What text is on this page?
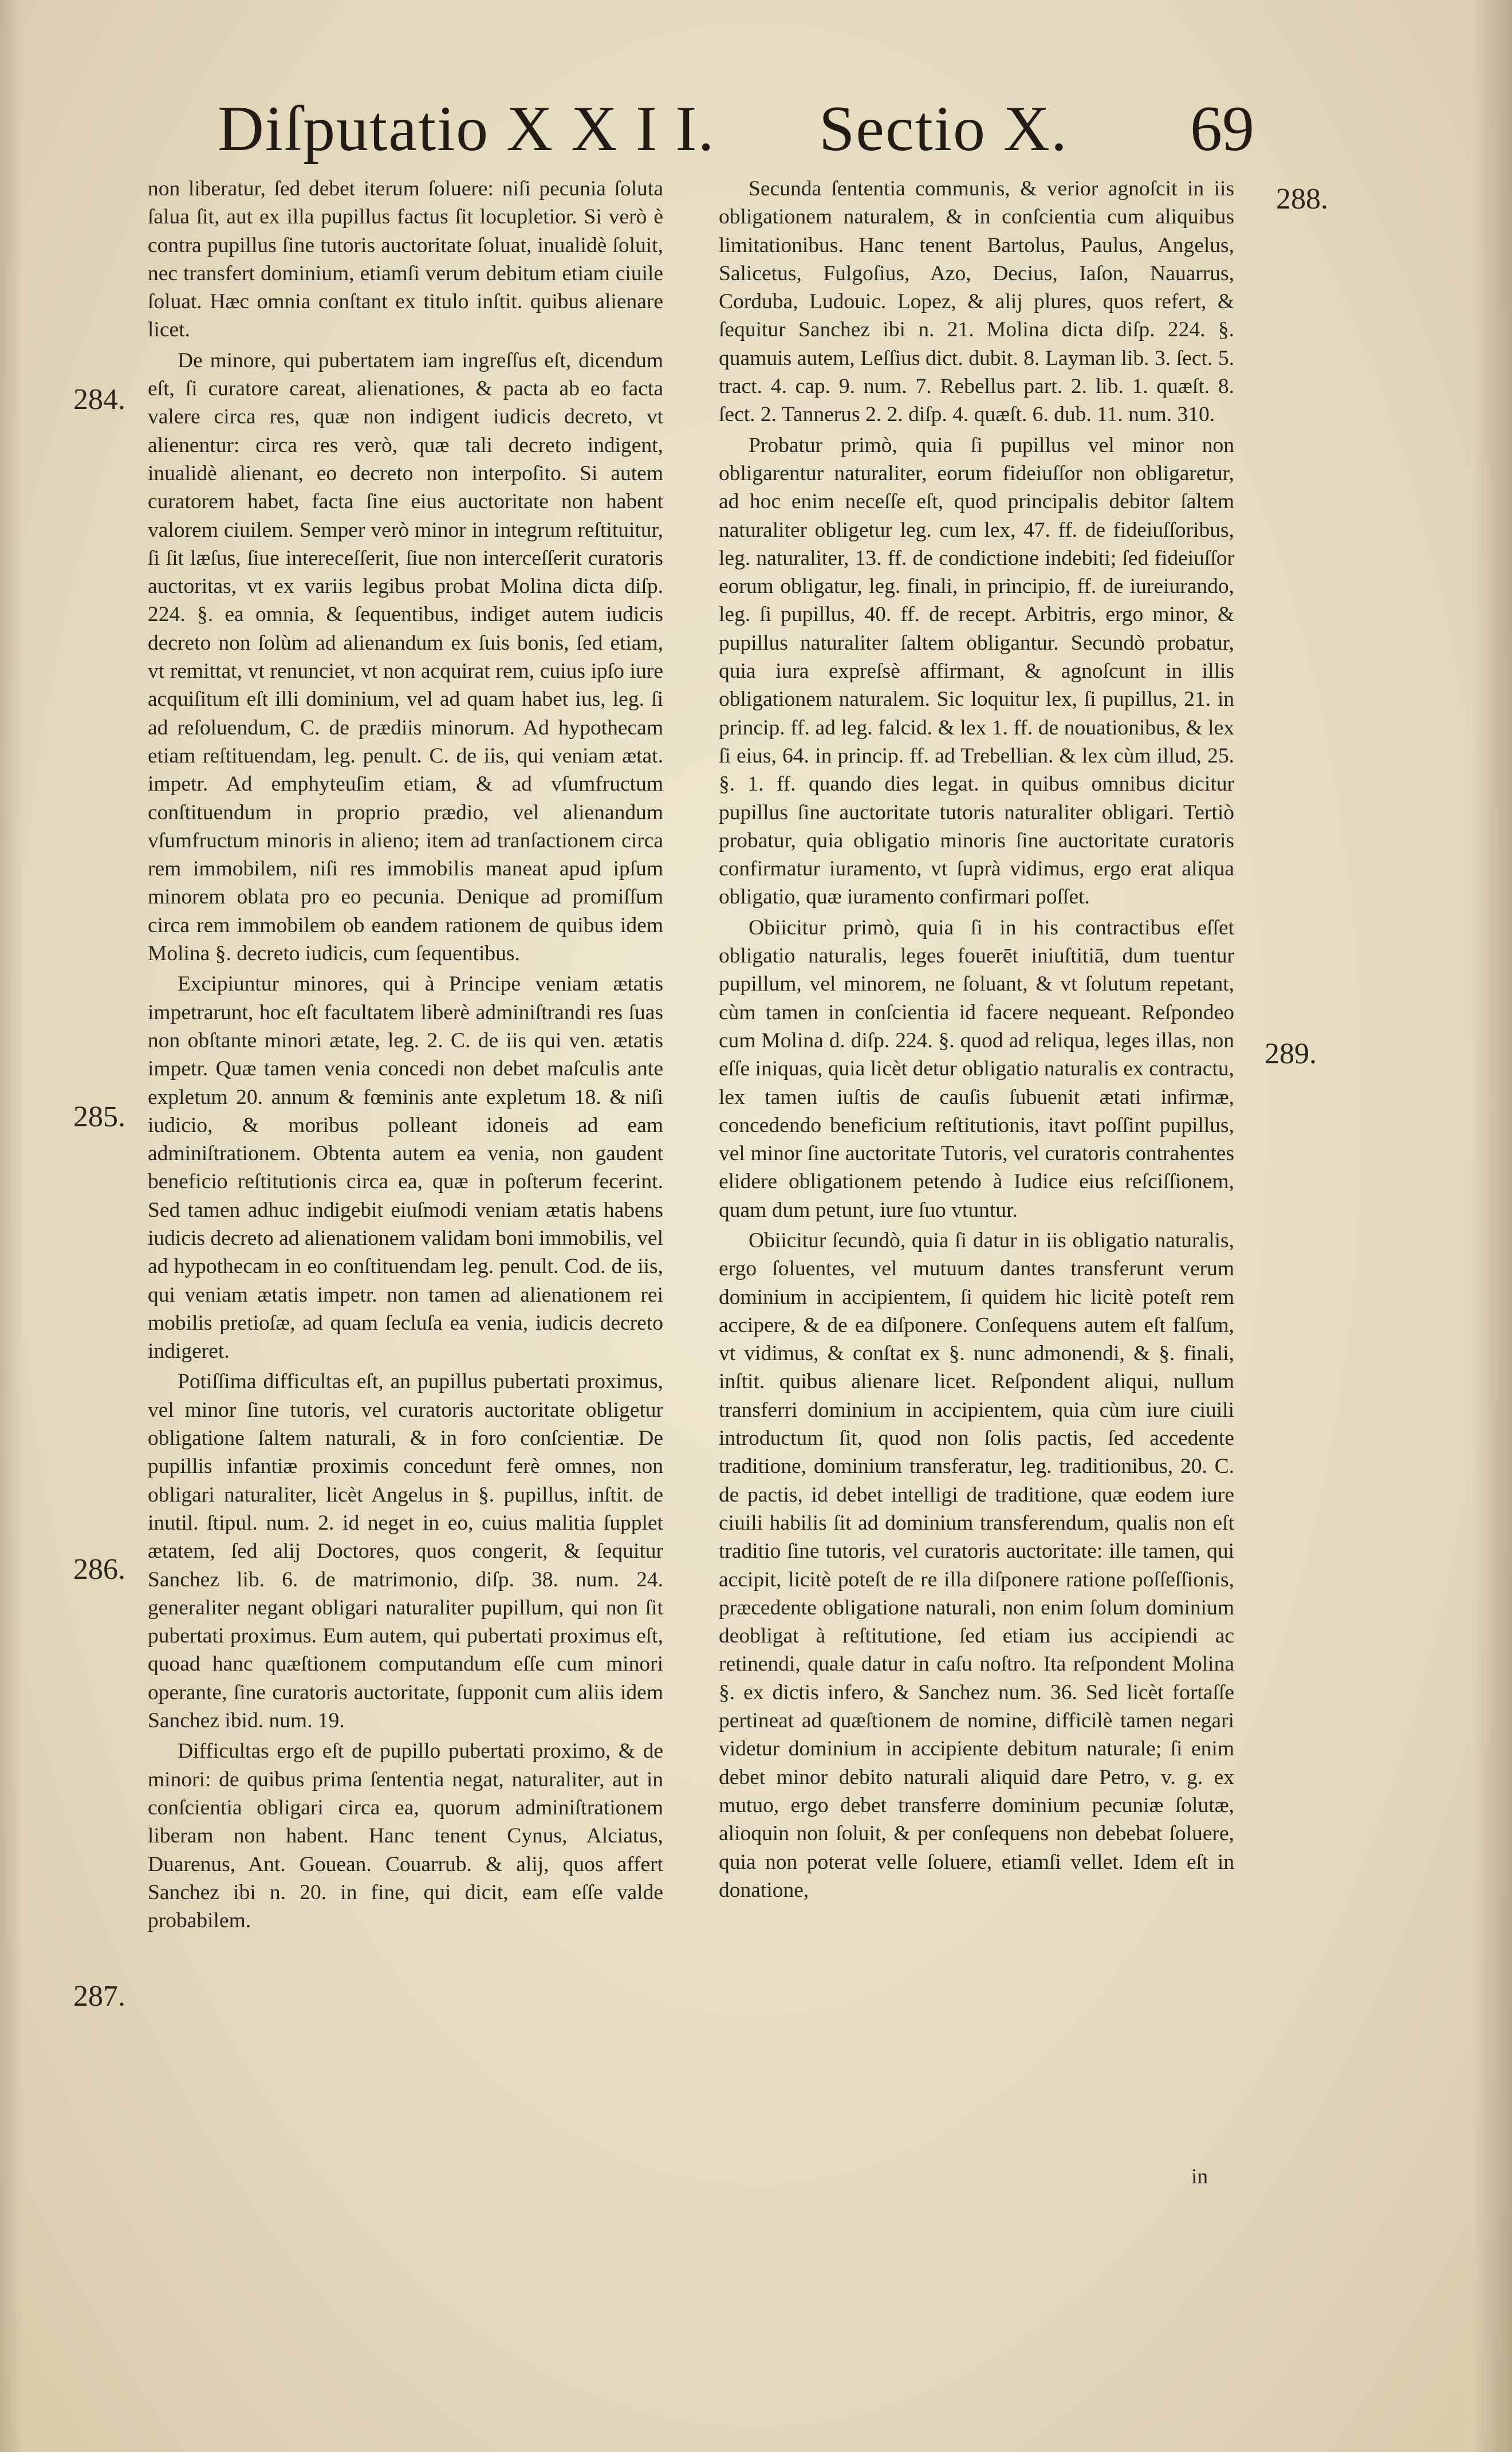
Diſputatio X X I I. Sectio X. 69
284.
285.
286.
287.
288.
289.

non liberatur, ſed debet iterum ſoluere: niſi pecunia ſoluta ſalua ſit, aut ex illa pupillus factus ſit locupletior. Si verò è contra pupillus ſine tutoris auctoritate ſoluat, inualidè ſoluit, nec transfert dominium, etiamſi verum debitum etiam ciuile ſoluat. Hæc omnia conſtant ex titulo inſtit. quibus alienare licet.

De minore, qui pubertatem iam ingreſſus eſt, dicendum eſt, ſi curatore careat, alienationes, & pacta ab eo facta valere circa res, quæ non indigent iudicis decreto, vt alienentur: circa res verò, quæ tali decreto indigent, inualidè alienant, eo decreto non interpoſito. Si autem curatorem habet, facta ſine eius auctoritate non habent valorem ciuilem. Semper verò minor in integrum reſtituitur, ſi ſit læſus, ſiue intereceſſerit, ſiue non interceſſerit curatoris auctoritas, vt ex variis legibus probat Molina dicta diſp. 224. §. ea omnia, & ſequentibus, indiget autem iudicis decreto non ſolùm ad alienandum ex ſuis bonis, ſed etiam, vt remittat, vt renunciet, vt non acquirat rem, cuius ipſo iure acquiſitum eſt illi dominium, vel ad quam habet ius, leg. ſi ad reſoluendum, C. de prædiis minorum. Ad hypothecam etiam reſtituendam, leg. penult. C. de iis, qui veniam ætat. impetr. Ad emphyteuſim etiam, & ad vſumfructum conſtituendum in proprio prædio, vel alienandum vſumfructum minoris in alieno; item ad tranſactionem circa rem immobilem, niſi res immobilis maneat apud ipſum minorem oblata pro eo pecunia. Denique ad promiſſum circa rem immobilem ob eandem rationem de quibus idem Molina §. decreto iudicis, cum ſequentibus.

Excipiuntur minores, qui à Principe veniam ætatis impetrarunt, hoc eſt facultatem liberè adminiſtrandi res ſuas non obſtante minori ætate, leg. 2. C. de iis qui ven. ætatis impetr. Quæ tamen venia concedi non debet maſculis ante expletum 20. annum & fœminis ante expletum 18. & niſi iudicio, & moribus polleant idoneis ad eam adminiſtrationem. Obtenta autem ea venia, non gaudent beneficio reſtitutionis circa ea, quæ in poſterum fecerint. Sed tamen adhuc indigebit eiuſmodi veniam ætatis habens iudicis decreto ad alienationem validam boni immobilis, vel ad hypothecam in eo conſtituendam leg. penult. Cod. de iis, qui veniam ætatis impetr. non tamen ad alienationem rei mobilis pretioſæ, ad quam ſecluſa ea venia, iudicis decreto indigeret.

Potiſſima difficultas eſt, an pupillus pubertati proximus, vel minor ſine tutoris, vel curatoris auctoritate obligetur obligatione ſaltem naturali, & in foro conſcientiæ. De pupillis infantiæ proximis concedunt ferè omnes, non obligari naturaliter, licèt Angelus in §. pupillus, inſtit. de inutil. ſtipul. num. 2. id neget in eo, cuius malitia ſupplet ætatem, ſed alij Doctores, quos congerit, & ſequitur Sanchez lib. 6. de matrimonio, diſp. 38. num. 24. generaliter negant obligari naturaliter pupillum, qui non ſit pubertati proximus. Eum autem, qui pubertati proximus eſt, quoad hanc quæſtionem computandum eſſe cum minori operante, ſine curatoris auctoritate, ſupponit cum aliis idem Sanchez ibid. num. 19.

Difficultas ergo eſt de pupillo pubertati proximo, & de minori: de quibus prima ſententia negat, naturaliter, aut in conſcientia obligari circa ea, quorum adminiſtrationem liberam non habent. Hanc tenent Cynus, Alciatus, Duarenus, Ant. Gouean. Couarrub. & alij, quos affert Sanchez ibi n. 20. in fine, qui dicit, eam eſſe valde probabilem.

Secunda ſententia communis, & verior agnoſcit in iis obligationem naturalem, & in conſcientia cum aliquibus limitationibus. Hanc tenent Bartolus, Paulus, Angelus, Salicetus, Fulgoſius, Azo, Decius, Iaſon, Nauarrus, Corduba, Ludouic. Lopez, & alij plures, quos refert, & ſequitur Sanchez ibi n. 21. Molina dicta diſp. 224. §. quamuis autem, Leſſius dict. dubit. 8. Layman lib. 3. ſect. 5. tract. 4. cap. 9. num. 7. Rebellus part. 2. lib. 1. quæſt. 8. ſect. 2. Tannerus 2. 2. diſp. 4. quæſt. 6. dub. 11. num. 310.

Probatur primò, quia ſi pupillus vel minor non obligarentur naturaliter, eorum fideiuſſor non obligaretur, ad hoc enim neceſſe eſt, quod principalis debitor ſaltem naturaliter obligetur leg. cum lex, 47. ff. de fideiuſſoribus, leg. naturaliter, 13. ff. de condictione indebiti; ſed fideiuſſor eorum obligatur, leg. finali, in principio, ff. de iureiurando, leg. ſi pupillus, 40. ff. de recept. Arbitris, ergo minor, & pupillus naturaliter ſaltem obligantur. Secundò probatur, quia iura expreſsè affirmant, & agnoſcunt in illis obligationem naturalem. Sic loquitur lex, ſi pupillus, 21. in princip. ff. ad leg. falcid. & lex 1. ff. de nouationibus, & lex ſi eius, 64. in princip. ff. ad Trebellian. & lex cùm illud, 25. §. 1. ff. quando dies legat. in quibus omnibus dicitur pupillus ſine auctoritate tutoris naturaliter obligari. Tertiò probatur, quia obligatio minoris ſine auctoritate curatoris confirmatur iuramento, vt ſuprà vidimus, ergo erat aliqua obligatio, quæ iuramento confirmari poſſet.

Obiicitur primò, quia ſi in his contractibus eſſet obligatio naturalis, leges fouerēt iniuſtitiā, dum tuentur pupillum, vel minorem, ne ſoluant, & vt ſolutum repetant, cùm tamen in conſcientia id facere nequeant. Reſpondeo cum Molina d. diſp. 224. §. quod ad reliqua, leges illas, non eſſe iniquas, quia licèt detur obligatio naturalis ex contractu, lex tamen iuſtis de cauſis ſubuenit ætati infirmæ, concedendo beneficium reſtitutionis, itavt poſſint pupillus, vel minor ſine auctoritate Tutoris, vel curatoris contrahentes elidere obligationem petendo à Iudice eius reſciſſionem, quam dum petunt, iure ſuo vtuntur.

Obiicitur ſecundò, quia ſi datur in iis obligatio naturalis, ergo ſoluentes, vel mutuum dantes transferunt verum dominium in accipientem, ſi quidem hic licitè poteſt rem accipere, & de ea diſponere. Conſequens autem eſt falſum, vt vidimus, & conſtat ex §. nunc admonendi, & §. finali, inſtit. quibus alienare licet. Reſpondent aliqui, nullum transferri dominium in accipientem, quia cùm iure ciuili introductum ſit, quod non ſolis pactis, ſed accedente traditione, dominium transferatur, leg. traditionibus, 20. C. de pactis, id debet intelligi de traditione, quæ eodem iure ciuili habilis ſit ad dominium transferendum, qualis non eſt traditio ſine tutoris, vel curatoris auctoritate: ille tamen, qui accipit, licitè poteſt de re illa diſponere ratione poſſeſſionis, præcedente obligatione naturali, non enim ſolum dominium deobligat à reſtitutione, ſed etiam ius accipiendi ac retinendi, quale datur in caſu noſtro. Ita reſpondent Molina §. ex dictis infero, & Sanchez num. 36. Sed licèt fortaſſe pertineat ad quæſtionem de nomine, difficilè tamen negari videtur dominium in accipiente debitum naturale; ſi enim debet minor debito naturali aliquid dare Petro, v. g. ex mutuo, ergo debet transferre dominium pecuniæ ſolutæ, alioquin non ſoluit, & per conſequens non debebat ſoluere, quia non poterat velle ſoluere, etiamſi vellet. Idem eſt in donatione,

in
